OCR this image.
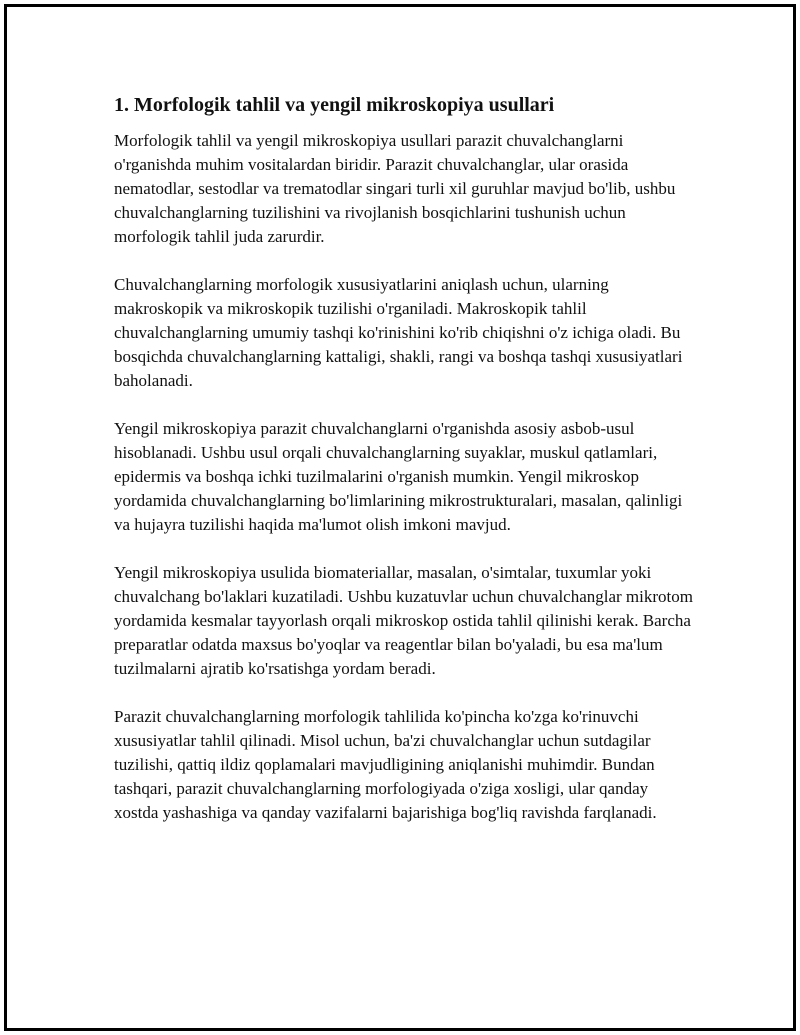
1. Morfologik tahlil va yengil mikroskopiya usullari

Morfologik tahlil va yengil mikroskopiya usullari parazit chuvalchanglarni o'rganishda muhim vositalardan biridir. Parazit chuvalchanglar, ular orasida nematodlar, sestodlar va trematodlar singari turli xil guruhlar mavjud bo'lib, ushbu chuvalchanglarning tuzilishini va rivojlanish bosqichlarini tushunish uchun morfologik tahlil juda zarurdir.

Chuvalchanglarning morfologik xususiyatlarini aniqlash uchun, ularning makroskopik va mikroskopik tuzilishi o'rganiladi. Makroskopik tahlil chuvalchanglarning umumiy tashqi ko'rinishini ko'rib chiqishni o'z ichiga oladi. Bu bosqichda chuvalchanglarning kattaligi, shakli, rangi va boshqa tashqi xususiyatlari baholanadi.

Yengil mikroskopiya parazit chuvalchanglarni o'rganishda asosiy asbob-usul hisoblanadi. Ushbu usul orqali chuvalchanglarning suyaklar, muskul qatlamlari, epidermis va boshqa ichki tuzilmalarini o'rganish mumkin. Yengil mikroskop yordamida chuvalchanglarning bo'limlarining mikrostrukturalari, masalan, qalinligi va hujayra tuzilishi haqida ma'lumot olish imkoni mavjud.

Yengil mikroskopiya usulida biomateriallar, masalan, o'simtalar, tuxumlar yoki chuvalchang bo'laklari kuzatiladi. Ushbu kuzatuvlar uchun chuvalchanglar mikrotom yordamida kesmalar tayyorlash orqali mikroskop ostida tahlil qilinishi kerak. Barcha preparatlar odatda maxsus bo'yoqlar va reagentlar bilan bo'yaladi, bu esa ma'lum tuzilmalarni ajratib ko'rsatishga yordam beradi.

Parazit chuvalchanglarning morfologik tahlilida ko'pincha ko'zga ko'rinuvchi xususiyatlar tahlil qilinadi. Misol uchun, ba'zi chuvalchanglar uchun sutdagilar tuzilishi, qattiq ildiz qoplamalari mavjudligining aniqlanishi muhimdir. Bundan tashqari, parazit chuvalchanglarning morfologiyada o'ziga xosligi, ular qanday xostda yashashiga va qanday vazifalarni bajarishiga bog'liq ravishda farqlanadi.
